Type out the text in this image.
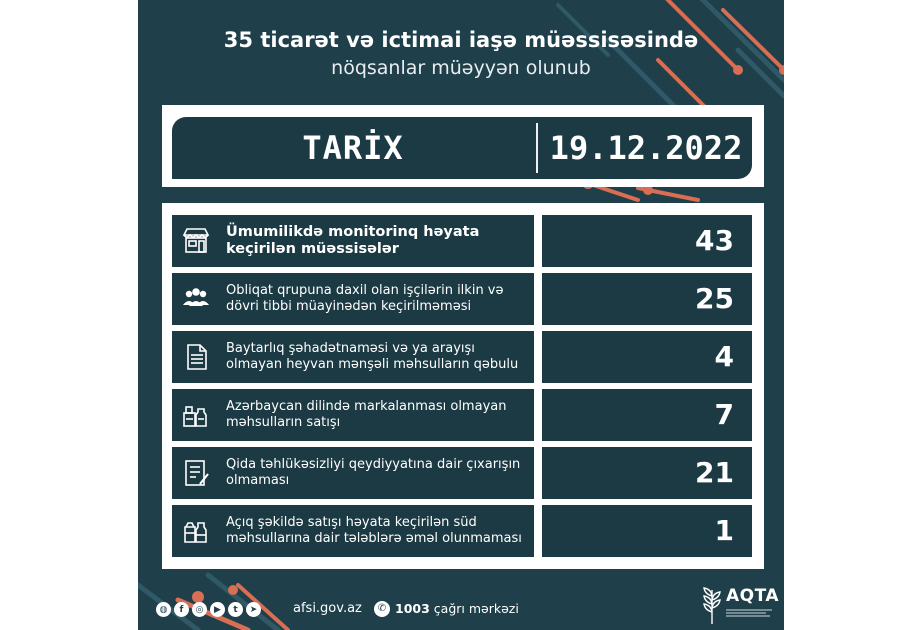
35 ticarət və ictimai iaşə müəssisəsində
nöqsanlar müəyyən olunub
TARİX	19.12.2022
Ümumilikdə monitorinq həyata keçirilən müəssisələr	43
Obliqat qrupuna daxil olan işçilərin ilkin və dövri tibbi müayinədən keçirilməməsi	25
Baytarlıq şəhadətnaməsi və ya arayışı olmayan heyvan mənşəli məhsulların qəbulu	4
Azərbaycan dilində markalanması olmayan məhsulların satışı	7
Qida təhlükəsizliyi qeydiyyatına dair çıxarışın olmaması	21
Açıq şəkildə satışı həyata keçirilən süd məhsullarına dair tələblərə əməl olunmaması	1
◍	f	◎	▶	t	➤	afsi.gov.az	✆ 1003 çağrı mərkəzi
AQTA
